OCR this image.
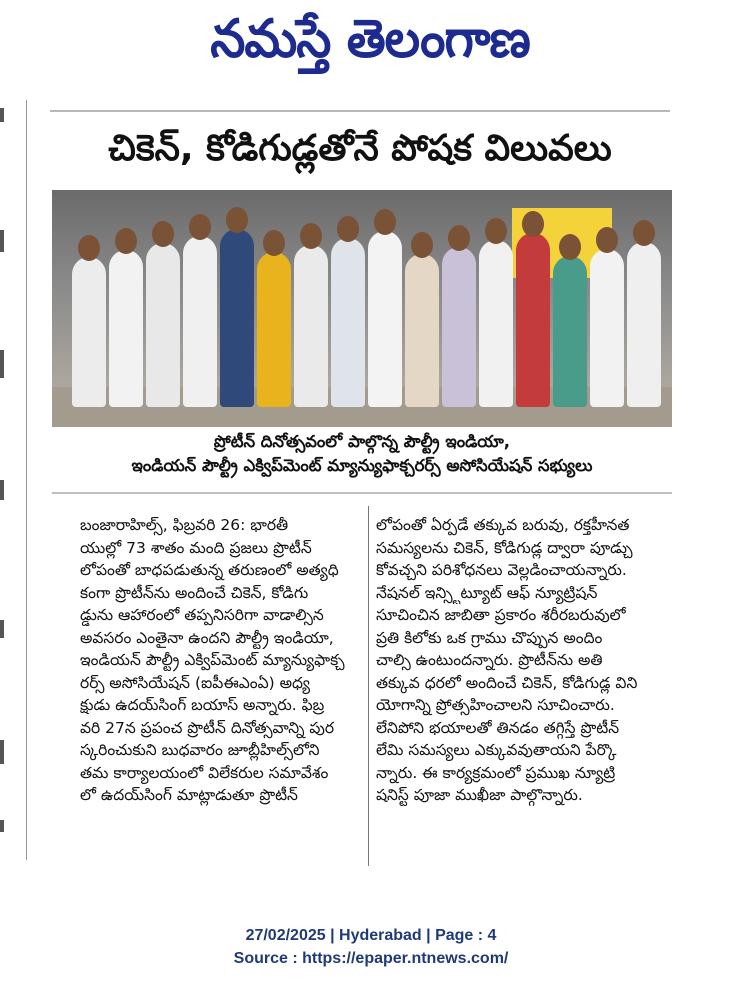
నమస్తే తెలంగాణ
చికెన్, కోడిగుడ్లతోనే పోషక విలువలు
ప్రోటీన్ దినోత్సవంలో పాల్గొన్న పౌల్ట్రీ ఇండియా,
ఇండియన్ పౌల్ట్రీ ఎక్విప్‌మెంట్ మ్యాన్యుఫాక్చరర్స్ అసోసియేషన్ సభ్యులు
బంజారాహిల్స్, ఫిబ్రవరి 26: భారతీ
యుల్లో 73 శాతం మంది ప్రజలు ప్రొటీన్
లోపంతో బాధపడుతున్న తరుణంలో అత్యధి
కంగా ప్రొటీన్‌ను అందించే చికెన్, కోడిగు
డ్డును ఆహారంలో తప్పనిసరిగా వాడాల్సిన
అవసరం ఎంతైనా ఉందని పౌల్ట్రీ ఇండియా,
ఇండియన్ పౌల్ట్రీ ఎక్విప్‌మెంట్ మ్యాన్యుఫాక్చ
రర్స్ అసోసియేషన్ (ఐపీఈఎంఏ) అధ్య
క్షుడు ఉదయ్‌సింగ్ బయాస్ అన్నారు. ఫిబ్ర
వరి 27న ప్రపంచ ప్రొటీన్ దినోత్సవాన్ని పుర
స్కరించుకుని బుధవారం జూబ్లీహిల్స్‌లోని
తమ కార్యాలయంలో విలేకరుల సమావేశం
లో ఉదయ్‌సింగ్ మాట్లాడుతూ ప్రొటీన్
లోపంతో ఏర్పడే తక్కువ బరువు, రక్తహీనత
సమస్యలను చికెన్, కోడిగుడ్ల ద్వారా పూడ్చు
కోవచ్చని పరిశోధనలు వెల్లడించాయన్నారు.
నేషనల్ ఇన్స్టిట్యూట్ ఆఫ్ న్యూట్రిషన్
సూచించిన జాబితా ప్రకారం శరీరబరువులో
ప్రతి కిలోకు ఒక గ్రాము చొప్పున అందిం
చాల్సి ఉంటుందన్నారు. ప్రొటీన్‌ను అతి
తక్కువ ధరలో అందించే చికెన్, కోడిగుడ్ల విని
యోగాన్ని ప్రోత్సహించాలని సూచించారు.
లేనిపోని భయాలతో తినడం తగ్గిస్తే ప్రొటీన్
లేమి సమస్యలు ఎక్కువవుతాయని పేర్కొ
న్నారు. ఈ కార్యక్రమంలో ప్రముఖ న్యూట్రి
షనిస్ట్ పూజా ముఖీజా పాల్గొన్నారు.
27/02/2025 | Hyderabad | Page : 4
Source : https://epaper.ntnews.com/
